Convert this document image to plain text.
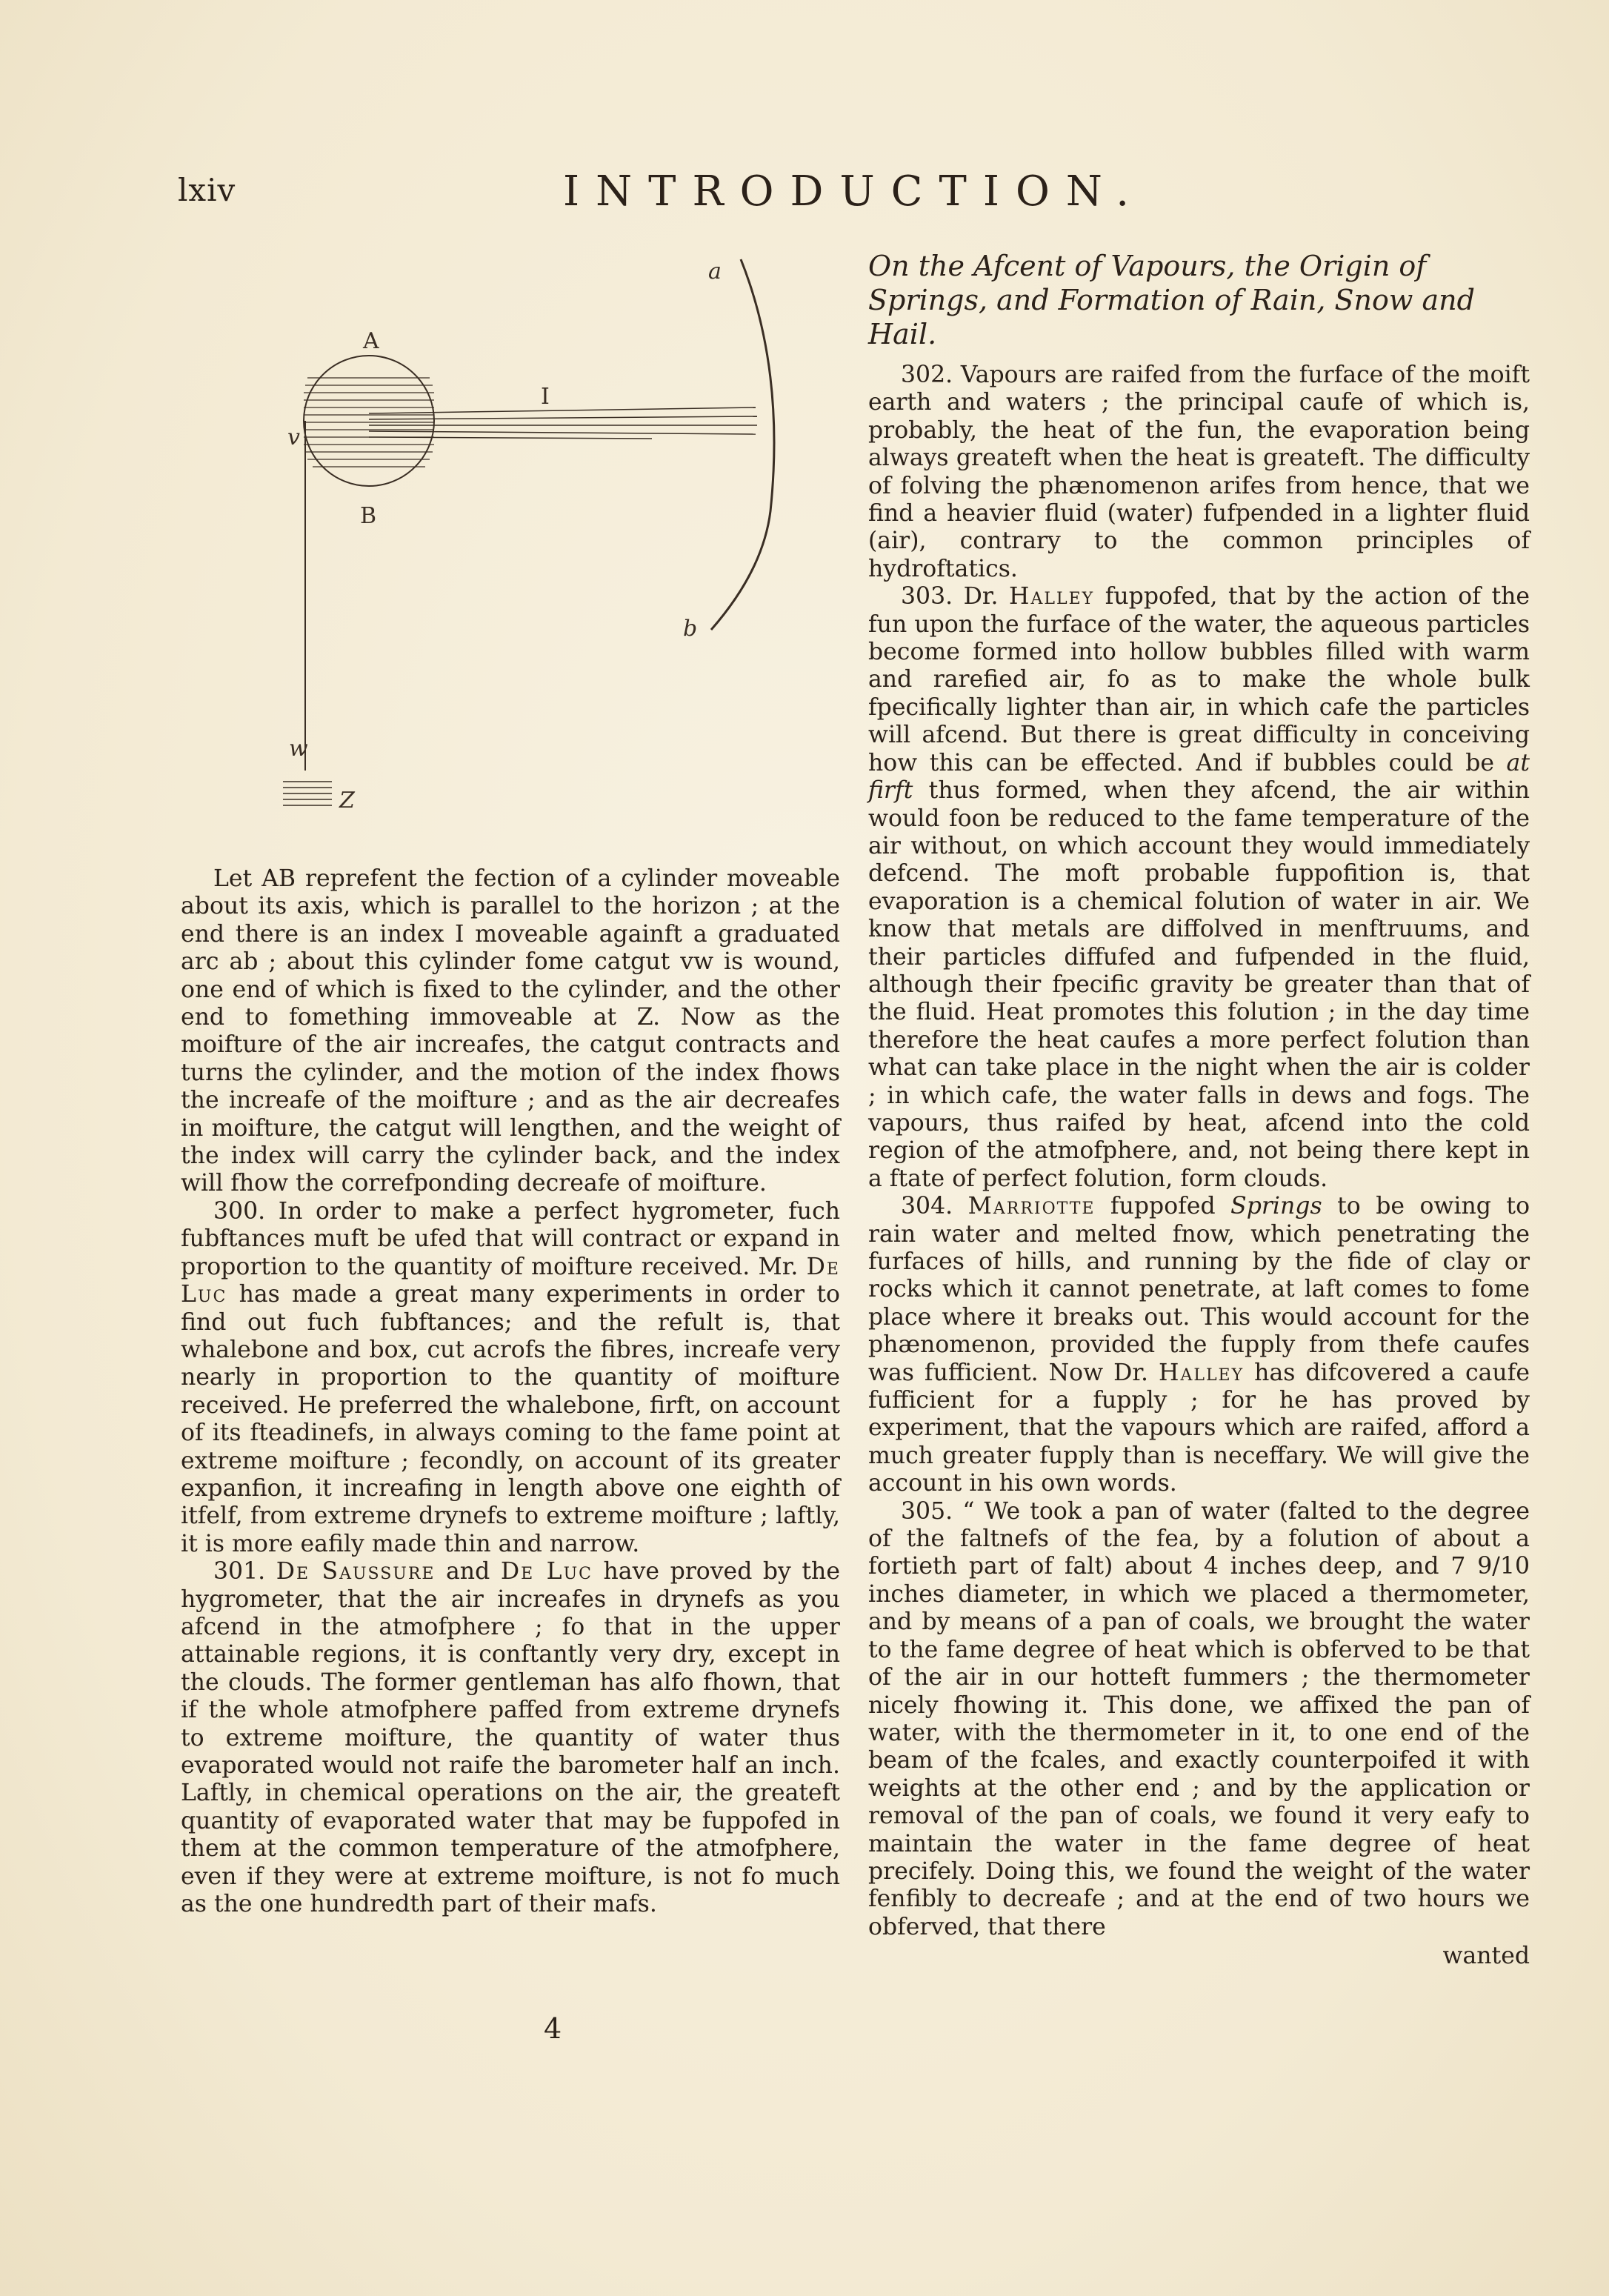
lxiv	INTRODUCTION.
a
A
I
v
B
b
w
Z

Let AB reprefent the fection of a cylinder moveable about its axis, which is parallel to the horizon ; at the end there is an index I moveable againft a graduated arc ab ; about this cylinder fome catgut vw is wound, one end of which is fixed to the cylinder, and the other end to fomething immoveable at Z. Now as the moifture of the air increafes, the catgut contracts and turns the cylinder, and the motion of the index fhows the increafe of the moifture ; and as the air decreafes in moifture, the catgut will lengthen, and the weight of the index will carry the cylinder back, and the index will fhow the correfponding decreafe of moifture.

300. In order to make a perfect hygrometer, fuch fubftances muft be ufed that will contract or expand in proportion to the quantity of moifture received. Mr. De Luc has made a great many experiments in order to find out fuch fubftances; and the refult is, that whalebone and box, cut acrofs the fibres, increafe very nearly in proportion to the quantity of moifture received. He preferred the whalebone, firft, on account of its fteadinefs, in always coming to the fame point at extreme moifture ; fecondly, on account of its greater expanfion, it increafing in length above one eighth of itfelf, from extreme drynefs to extreme moifture ; laftly, it is more eafily made thin and narrow.

301. De Saussure and De Luc have proved by the hygrometer, that the air increafes in drynefs as you afcend in the atmofphere ; fo that in the upper attainable regions, it is conftantly very dry, except in the clouds. The former gentleman has alfo fhown, that if the whole atmofphere paffed from extreme drynefs to extreme moifture, the quantity of water thus evaporated would not raife the barometer half an inch. Laftly, in chemical operations on the air, the greateft quantity of evaporated water that may be fuppofed in them at the common temperature of the atmofphere, even if they were at extreme moifture, is not fo much as the one hundredth part of their mafs.

On the Afcent of Vapours, the Origin of Springs, and Formation of Rain, Snow and Hail.

302. Vapours are raifed from the furface of the moift earth and waters ; the principal caufe of which is, probably, the heat of the fun, the evaporation being always greateft when the heat is greateft. The difficulty of folving the phænomenon arifes from hence, that we find a heavier fluid (water) fufpended in a lighter fluid (air), contrary to the common principles of hydroftatics.

303. Dr. Halley fuppofed, that by the action of the fun upon the furface of the water, the aqueous particles become formed into hollow bubbles filled with warm and rarefied air, fo as to make the whole bulk fpecifically lighter than air, in which cafe the particles will afcend. But there is great difficulty in conceiving how this can be effected. And if bubbles could be at firft thus formed, when they afcend, the air within would foon be reduced to the fame temperature of the air without, on which account they would immediately defcend. The moft probable fuppofition is, that evaporation is a chemical folution of water in air. We know that metals are diffolved in menftruums, and their particles diffufed and fufpended in the fluid, although their fpecific gravity be greater than that of the fluid. Heat promotes this folution ; in the day time therefore the heat caufes a more perfect folution than what can take place in the night when the air is colder ; in which cafe, the water falls in dews and fogs. The vapours, thus raifed by heat, afcend into the cold region of the atmofphere, and, not being there kept in a ftate of perfect folution, form clouds.

304. Marriotte fuppofed Springs to be owing to rain water and melted fnow, which penetrating the furfaces of hills, and running by the fide of clay or rocks which it cannot penetrate, at laft comes to fome place where it breaks out. This would account for the phænomenon, provided the fupply from thefe caufes was fufficient. Now Dr. Halley has difcovered a caufe fufficient for a fupply ; for he has proved by experiment, that the vapours which are raifed, afford a much greater fupply than is neceffary. We will give the account in his own words.

305. “ We took a pan of water (falted to the degree of the faltnefs of the fea, by a folution of about a fortieth part of falt) about 4 inches deep, and 7 9/10 inches diameter, in which we placed a thermometer, and by means of a pan of coals, we brought the water to the fame degree of heat which is obferved to be that of the air in our hotteft fummers ; the thermometer nicely fhowing it. This done, we affixed the pan of water, with the thermometer in it, to one end of the beam of the fcales, and exactly counterpoifed it with weights at the other end ; and by the application or removal of the pan of coals, we found it very eafy to maintain the water in the fame degree of heat precifely. Doing this, we found the weight of the water fenfibly to decreafe ; and at the end of two hours we obferved, that there

wanted
4
